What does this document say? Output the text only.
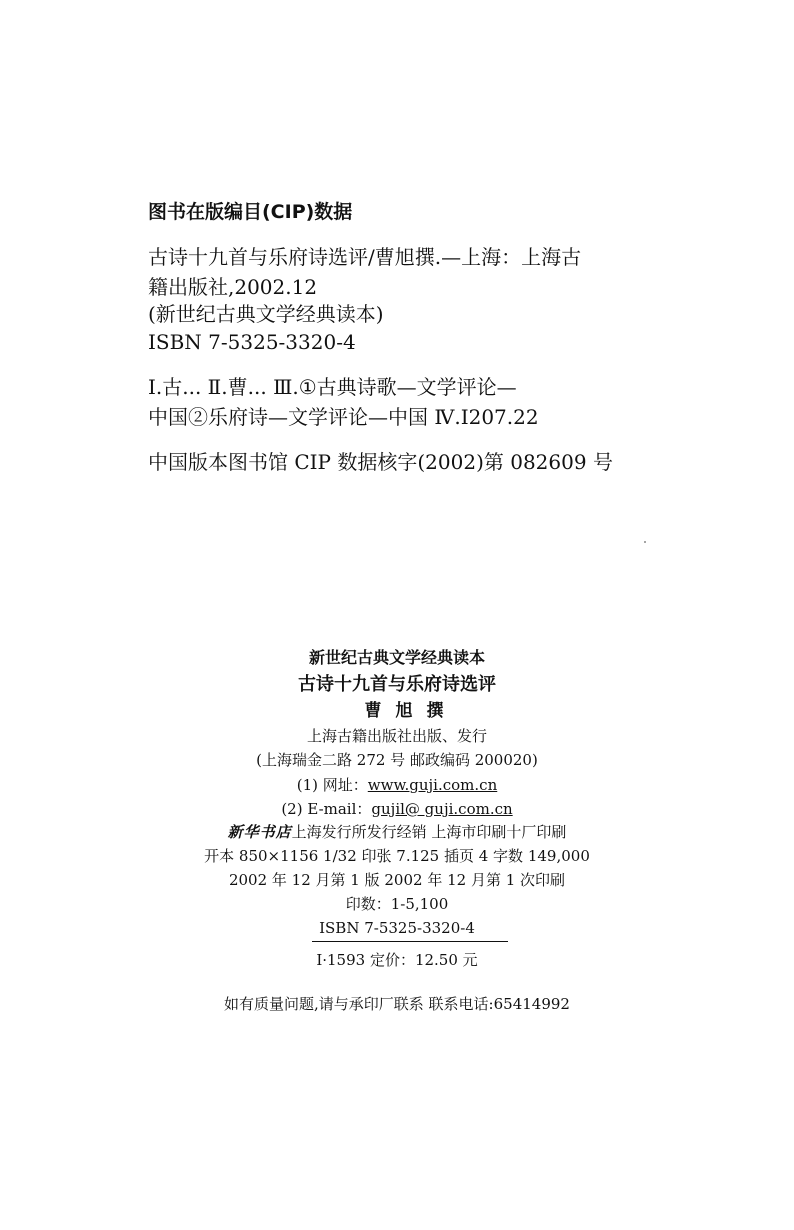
图书在版编目(CIP)数据
古诗十九首与乐府诗选评/曹旭撰.—上海：上海古
籍出版社,2002.12
(新世纪古典文学经典读本)
ISBN 7-5325-3320-4
Ⅰ.古... Ⅱ.曹... Ⅲ.①古典诗歌—文学评论—
中国②乐府诗—文学评论—中国 Ⅳ.I207.22
中国版本图书馆 CIP 数据核字(2002)第 082609 号
新世纪古典文学经典读本
古诗十九首与乐府诗选评
曹旭撰
上海古籍出版社出版、发行
(上海瑞金二路 272 号 邮政编码 200020)
(1) 网址：www.guji.com.cn
(2) E-mail：gujil@ guji.com.cn
新华书店上海发行所发行经销 上海市印刷十厂印刷
开本 850×1156 1/32 印张 7.125 插页 4 字数 149,000
2002 年 12 月第 1 版 2002 年 12 月第 1 次印刷
印数：1-5,100
ISBN 7-5325-3320-4
I·1593 定价：12.50 元
如有质量问题,请与承印厂联系 联系电话:65414992
